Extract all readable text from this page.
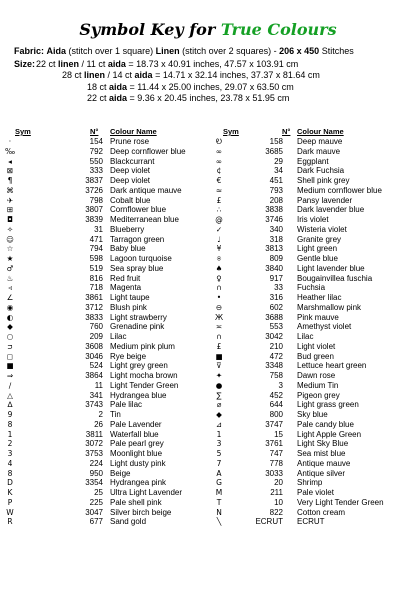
Symbol Key for True Colours
Fabric: Aida (stitch over 1 square) Linen (stitch over 2 squares) - 206 x 450 Stitches
Size: 22 ct linen / 11 ct aida = 18.73 x 40.91 inches, 47.57 x 103.91 cm
28 ct linen / 14 ct aida = 14.71 x 32.14 inches, 37.37 x 81.64 cm
18 ct aida = 11.44 x 25.00 inches, 29.07 x 63.50 cm
22 ct aida = 9.36 x 20.45 inches, 23.78 x 51.95 cm
Sym	N° Colour Name	Sym	N° Colour Name
·	154 Prune rose
‰	792 Deep cornflower blue
◂	550 Blackcurrant
⊠	333 Deep violet
¶	3837 Deep violet
⌘	3726 Dark antique mauve
✈	798 Cobalt blue
⊞	3807 Cornflower blue
◘	3839 Mediterranean blue
✧	31 Blueberry
☺	471 Tarragon green
☆	794 Baby blue
★	598 Lagoon turquoise
♂	519 Sea spray blue
♨	816 Red fruit
◃	718 Magenta
∠	3861 Light taupe
◉	3712 Blush pink
◐	3833 Light strawberry
◆	760 Grenadine pink
○	209 Lilac
ᴝ	3608 Medium pink plum
◻	3046 Rye beige
■	524 Light grey green
⇒	3864 Light mocha brown
∕	11 Light Tender Green
△	341 Hydrangea blue
∆	3743 Pale lilac
9	2 Tin
8	26 Pale Lavender
1	3811 Waterfall blue
2	3072 Pale pearl grey
3	3753 Moonlight blue
4	224 Light dusty pink
8	950 Beige
D	3354 Hydrangea pink
K	25 Ultra Light Lavender
P	225 Pale shell pink
W	3047 Silver birch beige
R	677 Sand gold
Ꭷ	158 Deep mauve
∞	3685 Dark mauve
∞	29 Eggplant
¢	34 Dark Fuchsia
€	451 Shell pink grey
≈	793 Medium cornflower blue
£	208 Pansy lavender
∴	3838 Dark lavender blue
@	3746 Iris violet
✓	340 Wisteria violet
♩	318 Granite grey
¥	3813 Light green
⍟	809 Gentle blue
♠	3840 Light lavender blue
♀	917 Bougainvillea fuschia
∩	33 Fuchsia
•	316 Heather lilac
⊖	602 Marshmallow pink
Ж	3688 Pink mauve
≍	553 Amethyst violet
∩	3042 Lilac
£	210 Light violet
■	472 Bud green
⊽	3348 Lettuce heart green
✦	758 Dawn rose
●	3 Medium Tin
∑	452 Pigeon grey
⌀	644 Light grass green
◆	800 Sky blue
⊿	3747 Pale candy blue
1	15 Light Apple Green
3	3761 Light Sky Blue
5	747 Sea mist blue
7	778 Antique mauve
A	3033 Antique silver
G	20 Shrimp
M	211 Pale violet
T	10 Very Light Tender Green
N	822 Cotton cream
╲	ECRUT ECRUT
